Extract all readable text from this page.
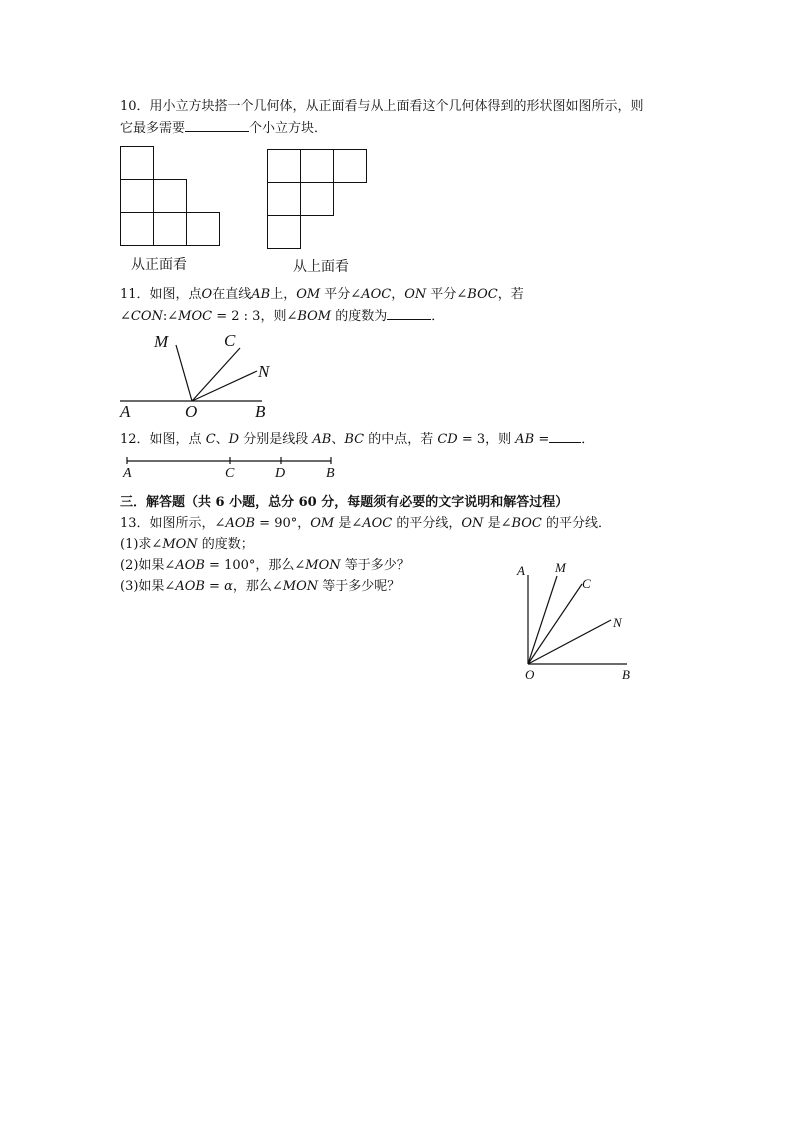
10．用小立方块搭一个几何体，从正面看与从上面看这个几何体得到的形状图如图所示，则
它最多需要	个小立方块．
从正面看	从上面看
11．如图，点O在直线AB上，OM 平分∠AOC，ON 平分∠BOC，若
∠CON:∠MOC = 2 : 3，则∠BOM 的度数为	．
M	C
N
A	O	B
12．如图，点 C、D 分别是线段 AB、BC 的中点，若 CD = 3，则 AB = ．
A	C	D	B
三．解答题（共 6 小题，总分 60 分，每题须有必要的文字说明和解答过程）
13．如图所示，∠AOB = 90°，OM 是∠AOC 的平分线，ON 是∠BOC 的平分线．
(1)求∠MON 的度数；
(2)如果∠AOB = 100°，那么∠MON 等于多少？
(3)如果∠AOB = α，那么∠MON 等于多少呢？
A M
C
N
O	B
